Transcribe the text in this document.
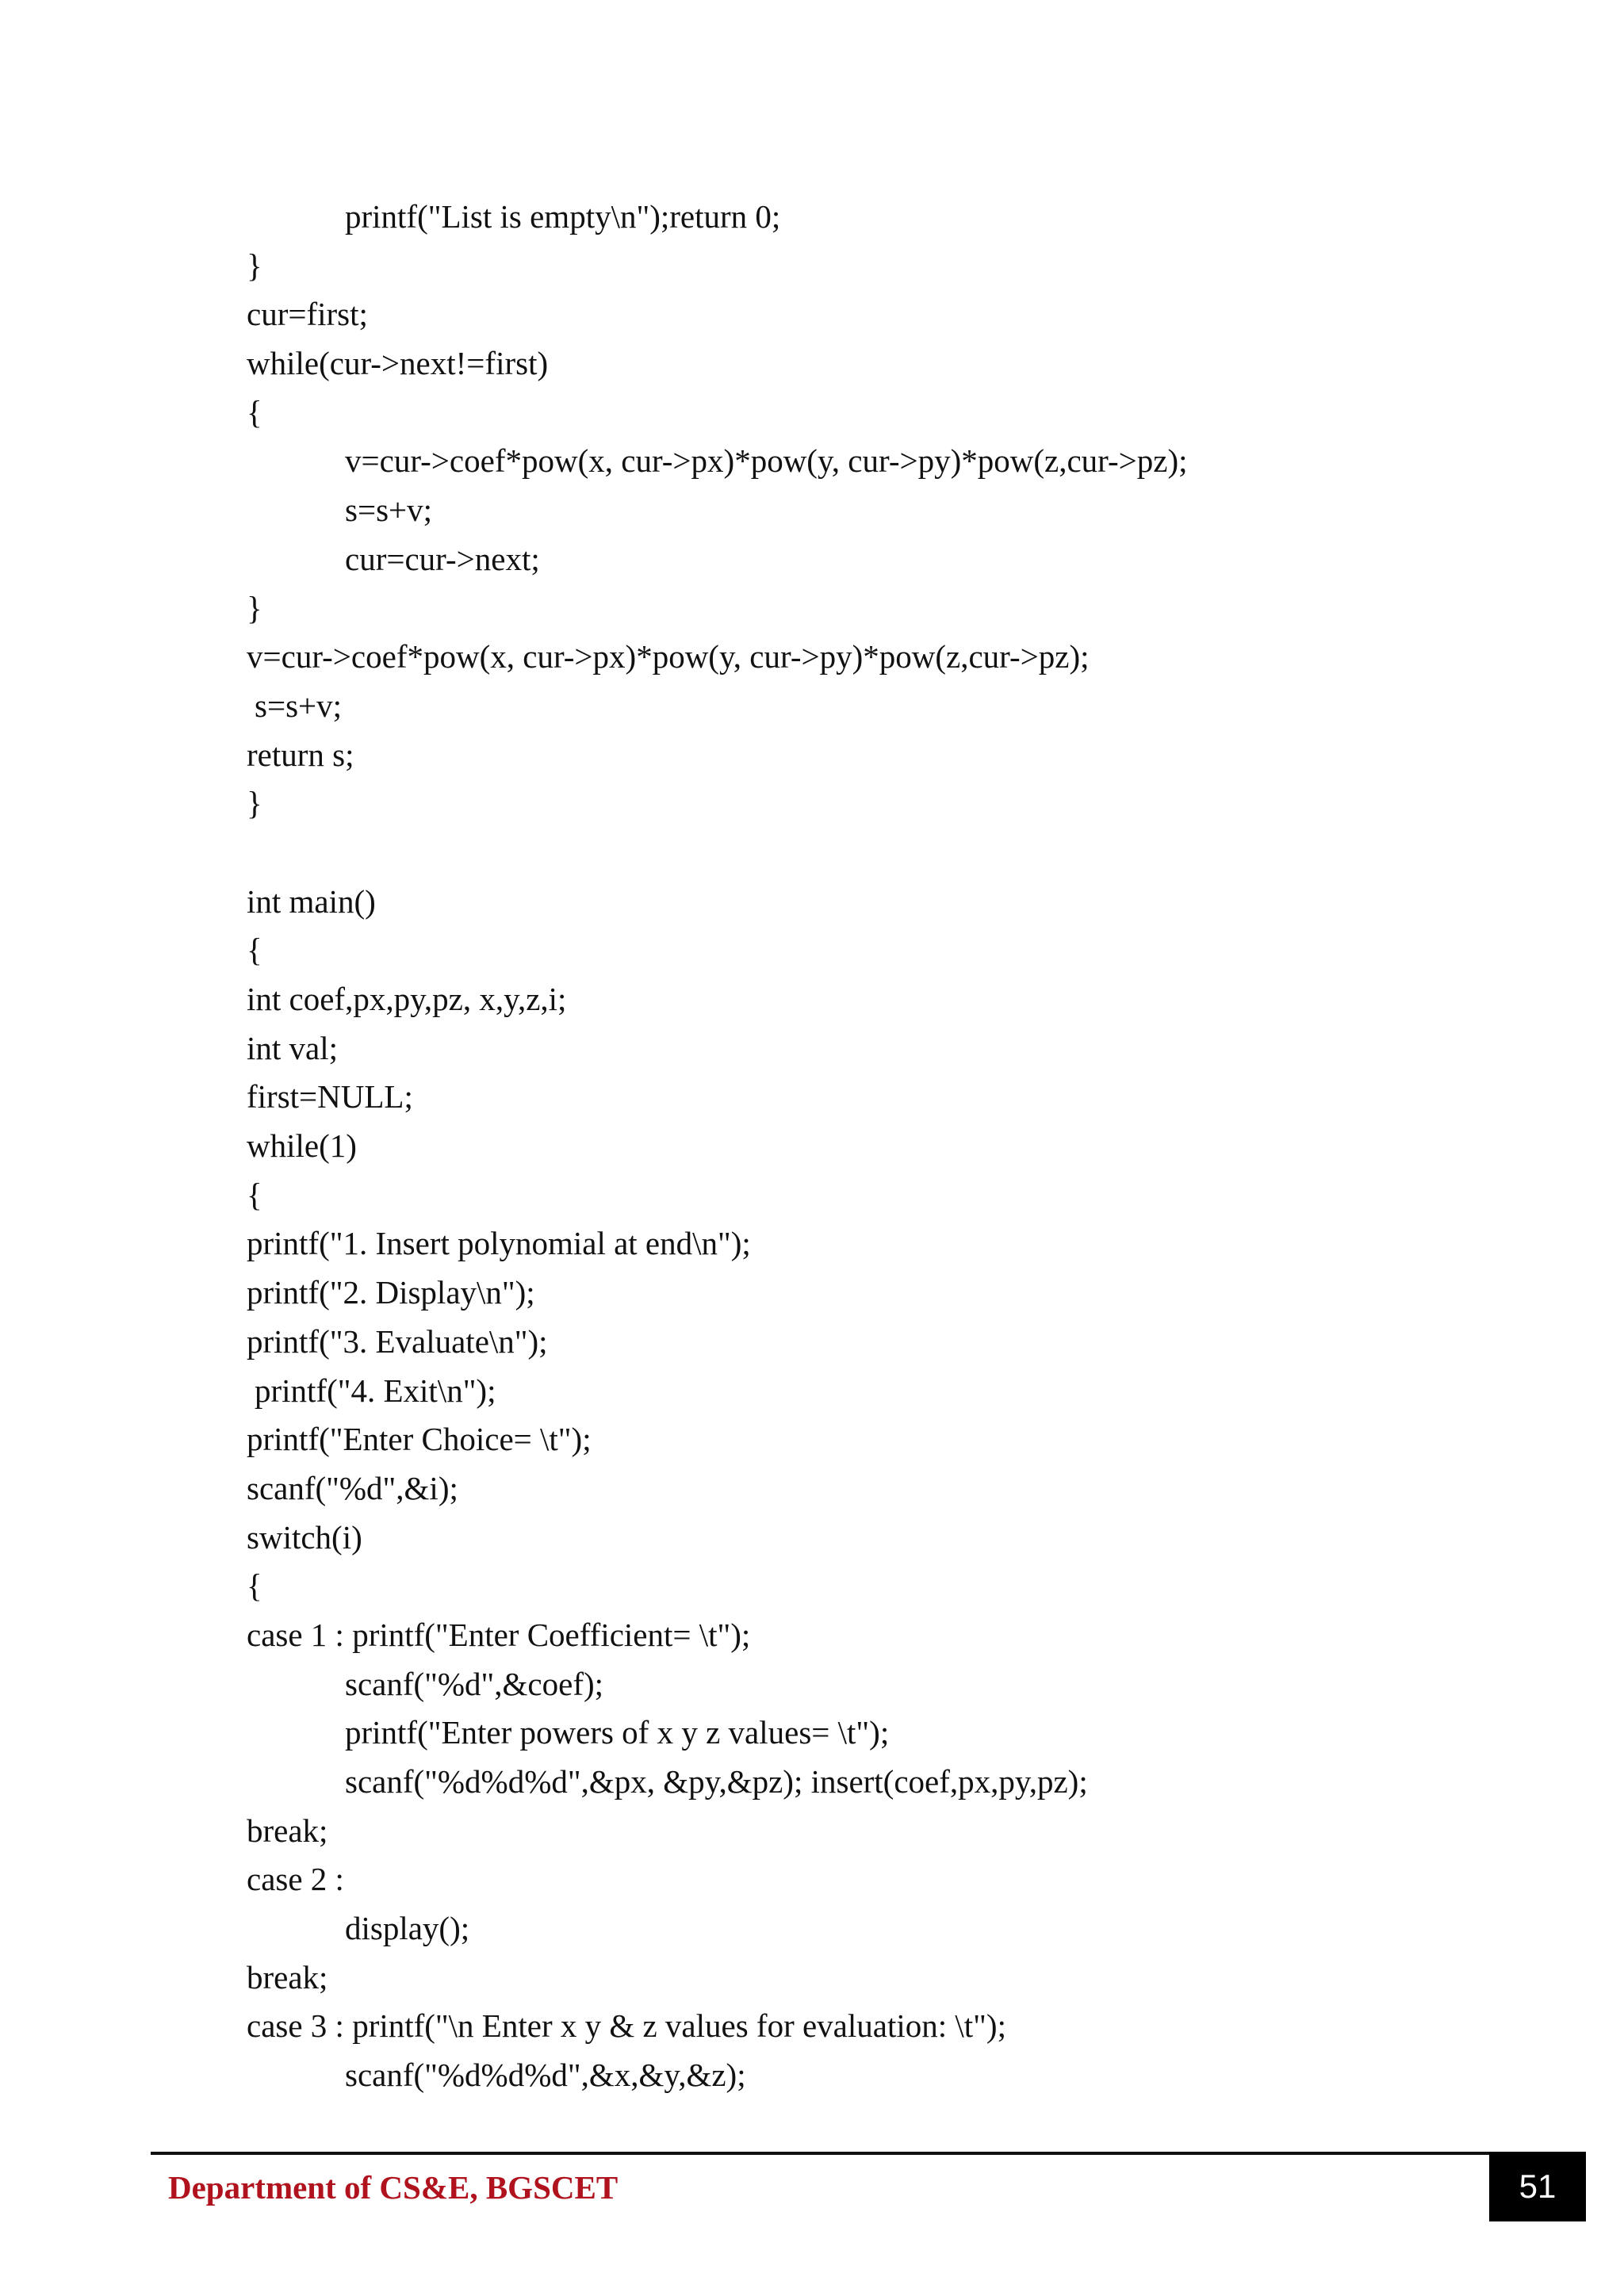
printf("List is empty\n");return 0;
}
cur=first;
while(cur->next!=first)
{
v=cur->coef*pow(x, cur->px)*pow(y, cur->py)*pow(z,cur->pz);
s=s+v;
cur=cur->next;
}
v=cur->coef*pow(x, cur->px)*pow(y, cur->py)*pow(z,cur->pz);
s=s+v;
return s;
}
int main()
{
int coef,px,py,pz, x,y,z,i;
int val;
first=NULL;
while(1)
{
printf("1. Insert polynomial at end\n");
printf("2. Display\n");
printf("3. Evaluate\n");
printf("4. Exit\n");
printf("Enter Choice= \t");
scanf("%d",&i);
switch(i)
{
case 1 : printf("Enter Coefficient= \t");
scanf("%d",&coef);
printf("Enter powers of x y z values= \t");
scanf("%d%d%d",&px, &py,&pz); insert(coef,px,py,pz);
break;
case 2 :
display();
break;
case 3 : printf("\n Enter x y & z values for evaluation: \t");
scanf("%d%d%d",&x,&y,&z);
Department of CS&E, BGSCET	51
